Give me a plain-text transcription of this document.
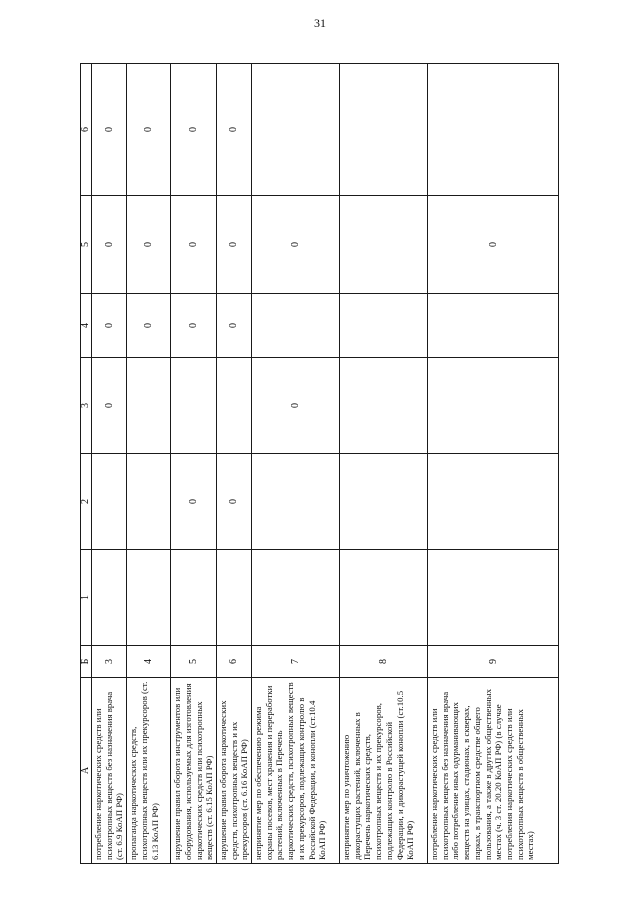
31
А	Б	1	2	3	4	5	6
потребление наркотических средств или психотропных веществ без назначения врача (ст. 6.9 КоАП РФ)	3			0	0	0	0
пропаганда наркотических средств, психотропных веществ или их прекурсоров (ст. 6.13 КоАП РФ)	4				0	0	0
нарушение правил оборота инструментов или оборудования, используемых для изготовления наркотических средств или психотропных веществ (ст. 6.15 КоАП РФ)	5		0		0	0	0
нарушение правил оборота наркотических средств, психотропных веществ и их прекурсоров (ст. 6.16 КоАП РФ)	6		0		0	0	0
непринятие мер по обеспечению режима охраны посевов, мест хранения и переработки растений, включенных в Перечень наркотических средств, психотропных веществ и их прекурсоров, подлежащих контролю в Российской Федерации, и конопли (ст.10.4 КоАП РФ)	7			0		0	
непринятие мер по уничтожению дикорастущих растений, включенных в Перечень наркотических средств, психотропных веществ и их прекурсоров, подлежащих контролю в Российской Федерации, и дикорастущей конопли (ст.10.5 КоАП РФ)	8						
потребление наркотических средств или психотропных веществ без назначения врача либо потребление иных одурманивающих веществ на улицах, стадионах, в скверах, парках, в транспортном средстве общего пользования, а также в других общественных местах (ч. 3 ст. 20.20 КоАП РФ) (в случае потребления наркотических средств или психотропных веществ в общественных местах)	9					0	
